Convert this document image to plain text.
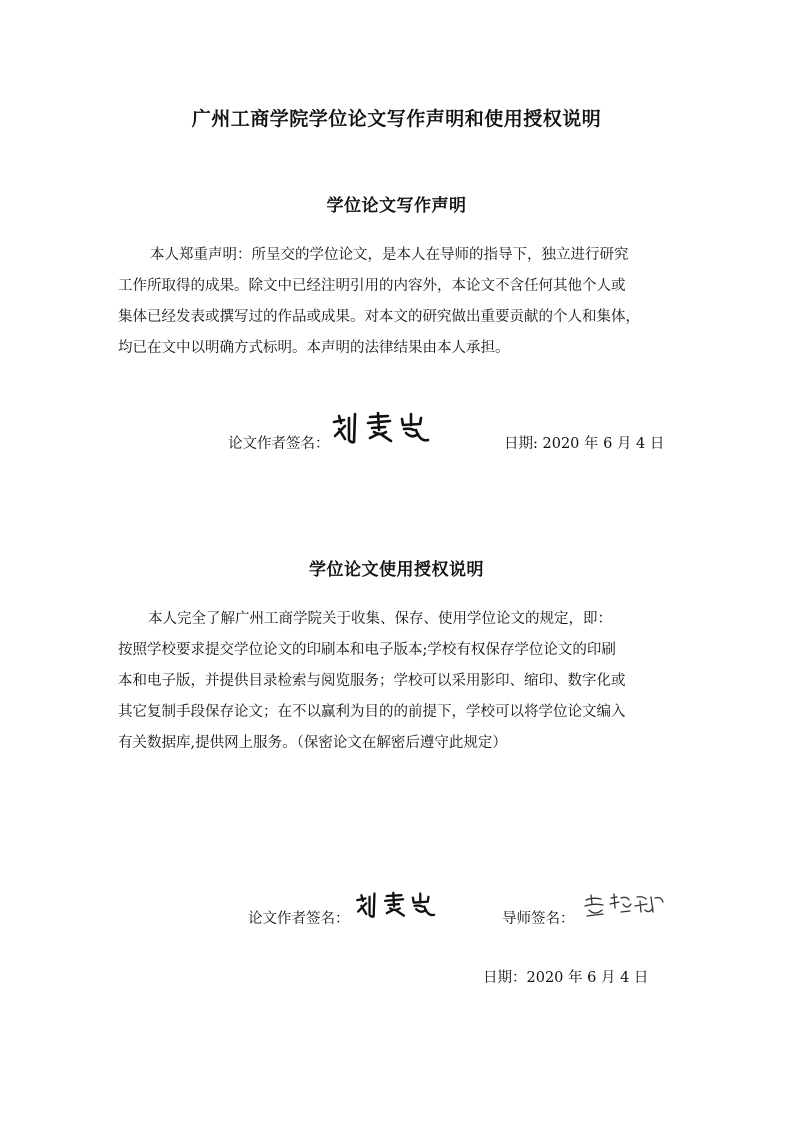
广州工商学院学位论文写作声明和使用授权说明
学位论文写作声明
本人郑重声明：所呈交的学位论文，是本人在导师的指导下，独立进行研究
工作所取得的成果。除文中已经注明引用的内容外，本论文不含任何其他个人或
集体已经发表或撰写过的作品或成果。对本文的研究做出重要贡献的个人和集体，
均已在文中以明确方式标明。本声明的法律结果由本人承担。
论文作者签名：	日期: 2020 年 6 月 4 日
学位论文使用授权说明
本人完全了解广州工商学院关于收集、保存、使用学位论文的规定，即：
按照学校要求提交学位论文的印刷本和电子版本;学校有权保存学位论文的印刷
本和电子版，并提供目录检索与阅览服务；学校可以采用影印、缩印、数字化或
其它复制手段保存论文；在不以赢利为目的的前提下，学校可以将学位论文编入
有关数据库,提供网上服务。（保密论文在解密后遵守此规定）
论文作者签名：	导师签名：
日期：2020 年 6 月 4 日
